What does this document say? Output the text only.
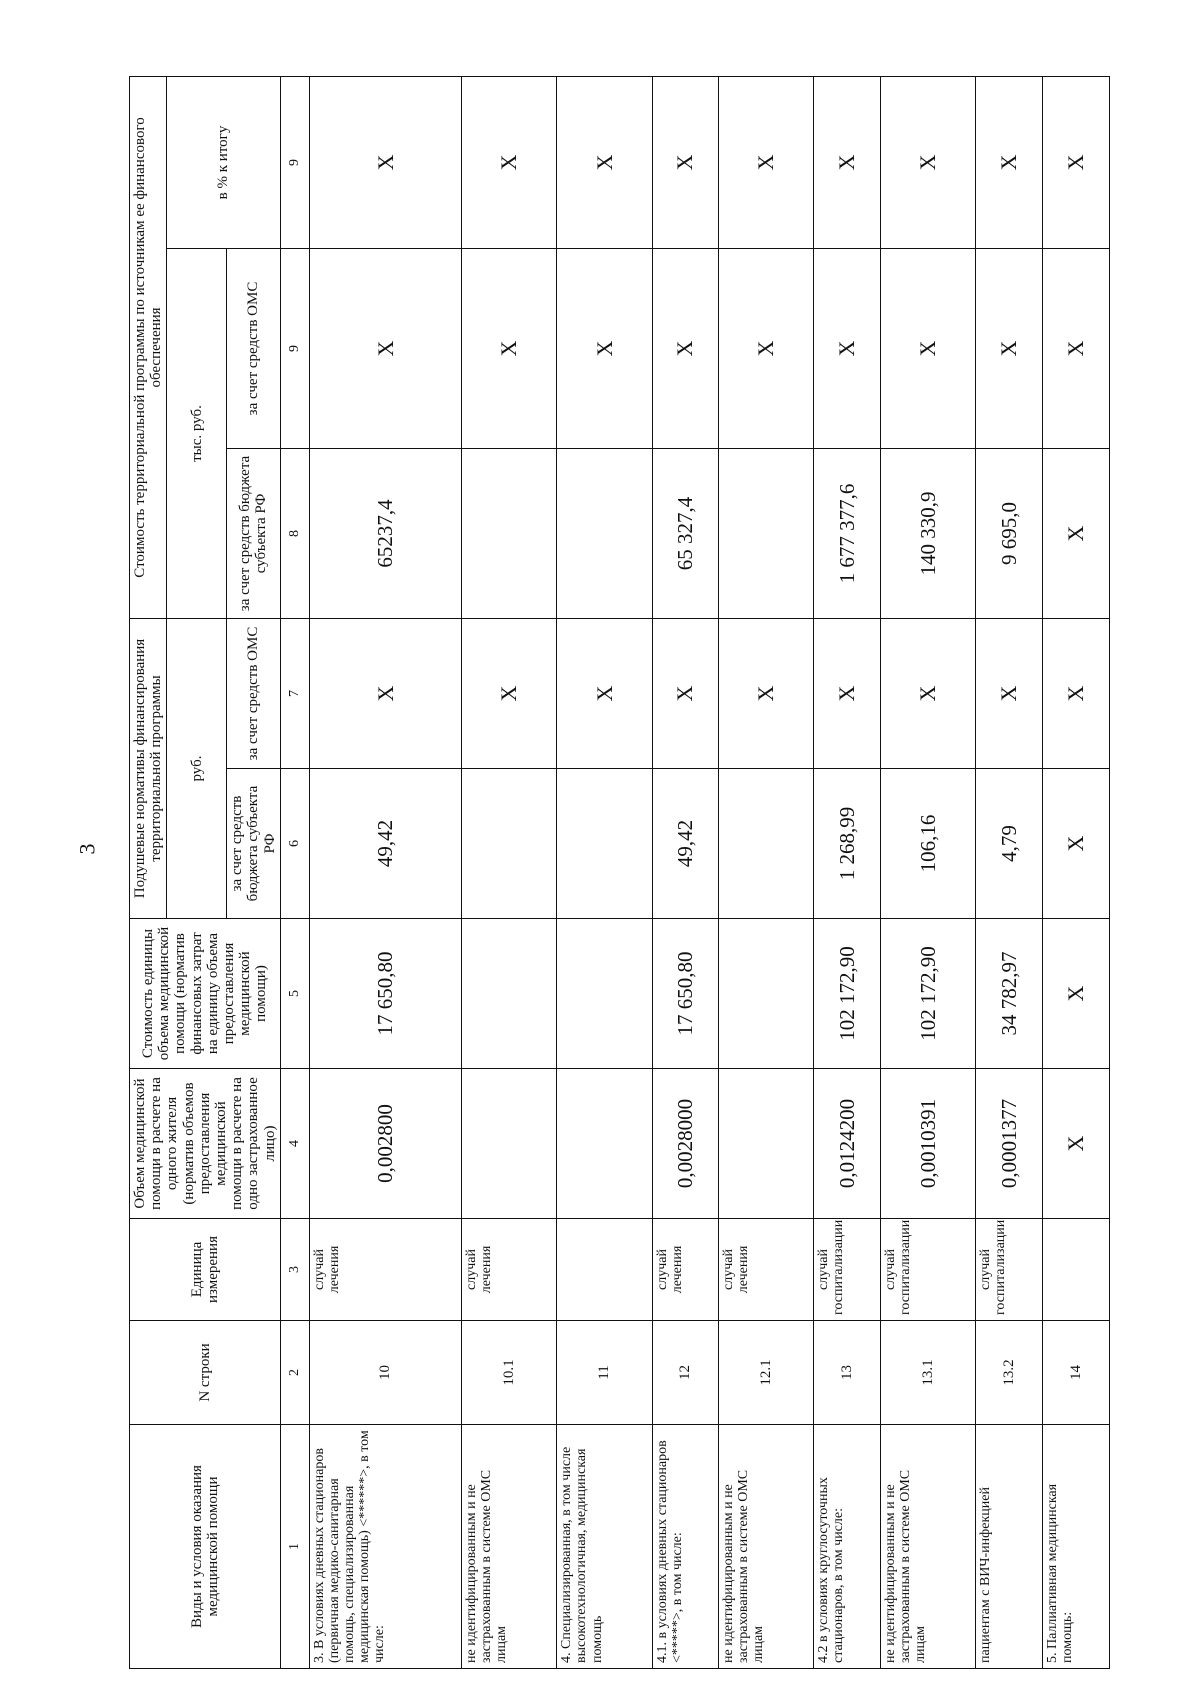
3
Виды и условия оказания медицинской помощи	N строки	Единица измерения	Объем медицинской помощи в расчете на одного жителя (норматив объемов предоставления медицинской помощи в расчете на одно застрахованное лицо)	Стоимость единицы объема медицинской помощи (норматив финансовых затрат на единицу объема предоставления медицинской помощи)	Подушевые нормативы финансирования территориальной программы		Стоимость территориальной программы по источникам ее финансового обеспечения		
					руб.		тыс. руб.		в % к итогу
					за счет средств бюджета субъекта РФ	за счет средств ОМС	за счет средств бюджета субъекта РФ	за счет средств ОМС	
1	2	3	4	5	6	7	8	9	9
3. В условиях дневных стационаров (первичная медико-санитарная помощь, специализированная медицинская помощь) <******>, в том числе:	10	случай лечения	0,002800	17 650,80	49,42	Х	65237,4	Х	Х
не идентифицированным и не застрахованным в системе ОМС лицам	10.1	случай лечения				Х		Х	Х
4. Специализированная, в том числе высокотехнологичная, медицинская помощь	11					Х		Х	Х
4.1. в условиях дневных стационаров <*****>, в том числе:	12	случай лечения	0,0028000	17 650,80	49,42	Х	65 327,4	Х	Х
не идентифицированным и не застрахованным в системе ОМС лицам	12.1	случай лечения				Х		Х	Х
4.2 в условиях круглосуточных стационаров, в том числе:	13	случай госпитализации	0,0124200	102 172,90	1 268,99	Х	1 677 377,6	Х	Х
не идентифицированным и не застрахованным в системе ОМС лицам	13.1	случай госпитализации	0,0010391	102 172,90	106,16	Х	140 330,9	Х	Х
пациентам с ВИЧ-инфекцией	13.2	случай госпитализации	0,0001377	34 782,97	4,79	Х	9 695,0	Х	Х
5. Паллиативная медицинская помощь:	14		Х	Х	Х	Х	Х	Х	Х
